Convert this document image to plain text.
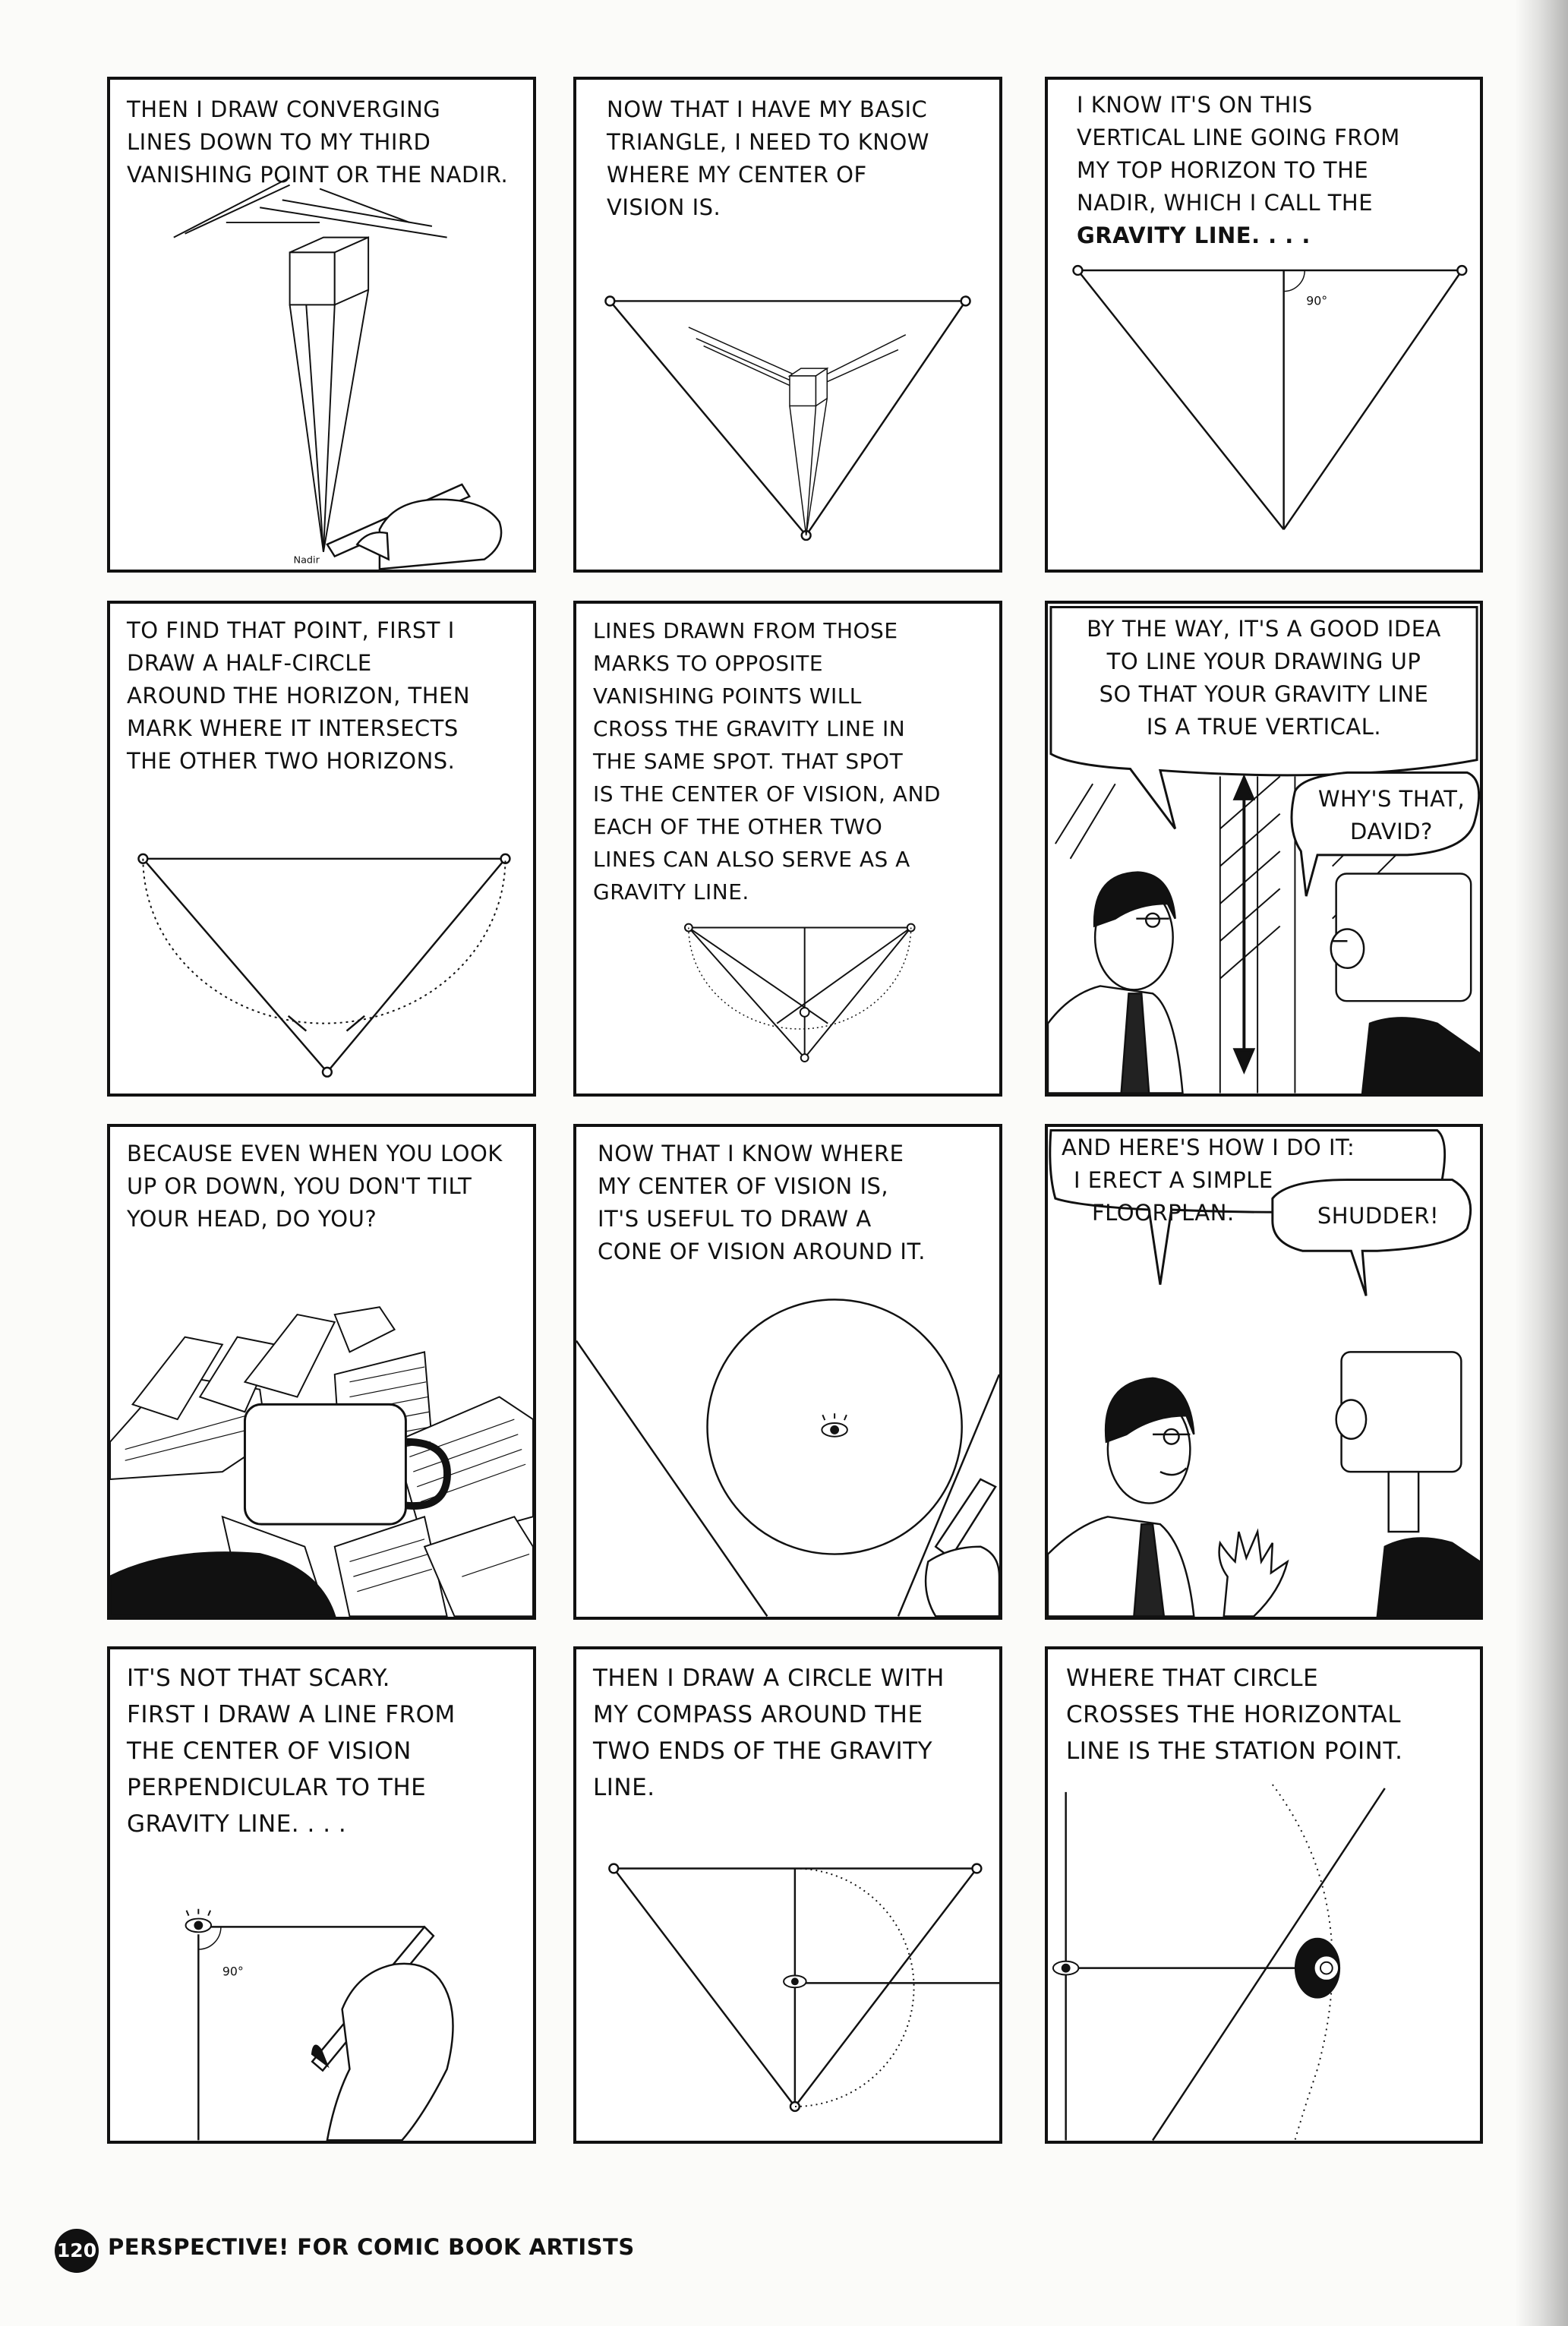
Nadir
THEN I DRAW CONVERGING
LINES DOWN TO MY THIRD
VANISHING POINT OR THE NADIR.
NOW THAT I HAVE MY BASIC
TRIANGLE, I NEED TO KNOW
WHERE MY CENTER OF
VISION IS.
90°
I KNOW IT'S ON THIS
VERTICAL LINE GOING FROM
MY TOP HORIZON TO THE
NADIR, WHICH I CALL THE
GRAVITY LINE. . . .
TO FIND THAT POINT, FIRST I
DRAW A HALF-CIRCLE
AROUND THE HORIZON, THEN
MARK WHERE IT INTERSECTS
THE OTHER TWO HORIZONS.
LINES DRAWN FROM THOSE
MARKS TO OPPOSITE
VANISHING POINTS WILL
CROSS THE GRAVITY LINE IN
THE SAME SPOT. THAT SPOT
IS THE CENTER OF VISION, AND
EACH OF THE OTHER TWO
LINES CAN ALSO SERVE AS A
GRAVITY LINE.
BY THE WAY, IT'S A GOOD IDEA
TO LINE YOUR DRAWING UP
SO THAT YOUR GRAVITY LINE
IS A TRUE VERTICAL.
WHY'S THAT,
DAVID?
BECAUSE EVEN WHEN YOU LOOK
UP OR DOWN, YOU DON'T TILT
YOUR HEAD, DO YOU?
NOW THAT I KNOW WHERE
MY CENTER OF VISION IS,
IT'S USEFUL TO DRAW A
CONE OF VISION AROUND IT.
AND HERE'S HOW I DO IT:
I ERECT A SIMPLE
FLOORPLAN.	SHUDDER!
90°
IT'S NOT THAT SCARY.
FIRST I DRAW A LINE FROM
THE CENTER OF VISION
PERPENDICULAR TO THE
GRAVITY LINE. . . .
THEN I DRAW A CIRCLE WITH
MY COMPASS AROUND THE
TWO ENDS OF THE GRAVITY
LINE.
WHERE THAT CIRCLE
CROSSES THE HORIZONTAL
LINE IS THE STATION POINT.
120 PERSPECTIVE! FOR COMIC BOOK ARTISTS
